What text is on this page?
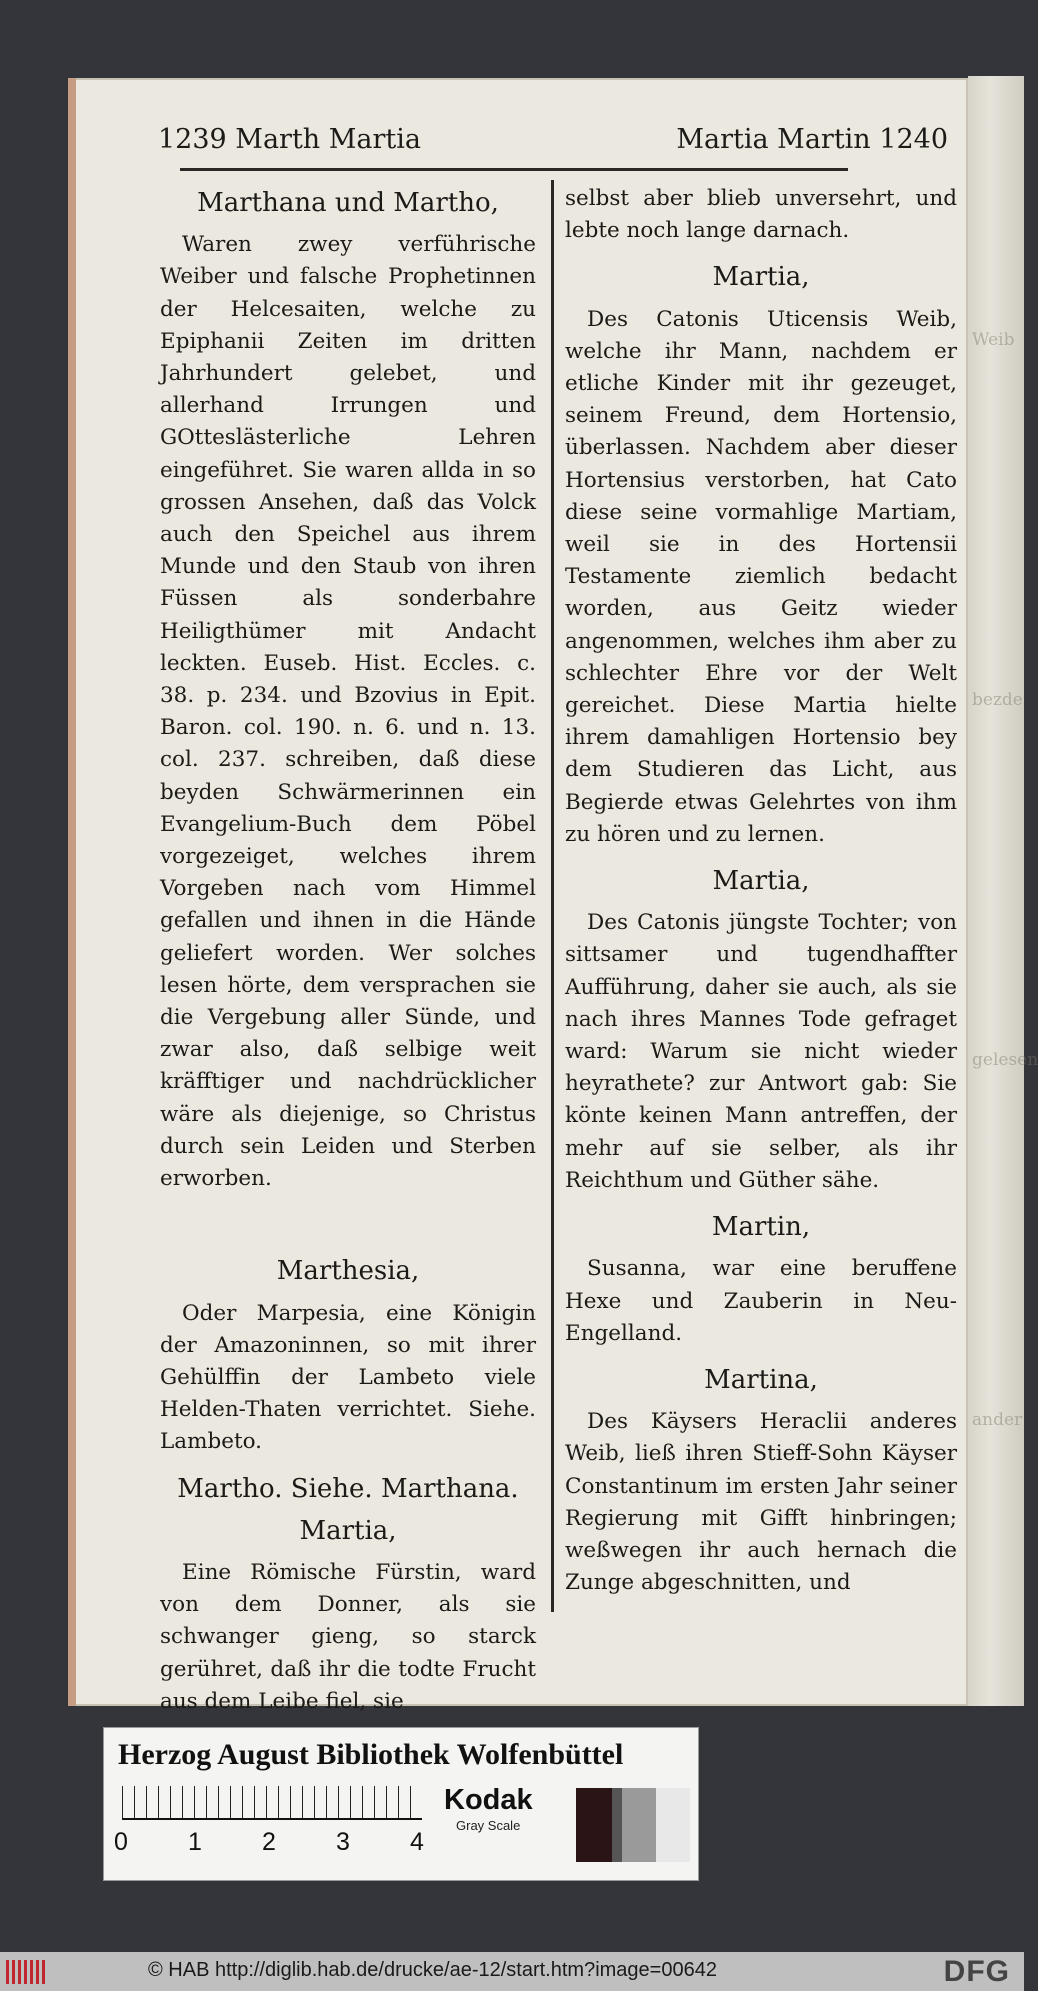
Weib
bezde
gelesen
ander
1239 Marth Martia	Martia Martin 1240
Marthana und Martho,

Waren zwey verführische Weiber und falsche Prophetinnen der Helcesaiten, welche zu Epiphanii Zeiten im dritten Jahrhundert gelebet, und allerhand Irrungen und GOtteslästerliche Lehren eingeführet. Sie waren allda in so grossen Ansehen, daß das Volck auch den Speichel aus ihrem Munde und den Staub von ihren Füssen als sonderbahre Heiligthümer mit Andacht leckten. Euseb. Hist. Eccles. c. 38. p. 234. und Bzovius in Epit. Baron. col. 190. n. 6. und n. 13. col. 237. schreiben, daß diese beyden Schwärmerinnen ein Evangelium-Buch dem Pöbel vorgezeiget, welches ihrem Vorgeben nach vom Himmel gefallen und ihnen in die Hände geliefert worden. Wer solches lesen hörte, dem versprachen sie die Vergebung aller Sünde, und zwar also, daß selbige weit kräfftiger und nachdrücklicher wäre als diejenige, so Christus durch sein Leiden und Sterben erworben.

Marthesia,

Oder Marpesia, eine Königin der Amazoninnen, so mit ihrer Gehülffin der Lambeto viele Helden-Thaten verrichtet. Siehe. Lambeto.

Martho. Siehe. Marthana.
Martia,

Eine Römische Fürstin, ward von dem Donner, als sie schwanger gieng, so starck gerühret, daß ihr die todte Frucht aus dem Leibe fiel, sie

selbst aber blieb unversehrt, und lebte noch lange darnach.

Martia,

Des Catonis Uticensis Weib, welche ihr Mann, nachdem er etliche Kinder mit ihr gezeuget, seinem Freund, dem Hortensio, überlassen. Nachdem aber dieser Hortensius verstorben, hat Cato diese seine vormahlige Martiam, weil sie in des Hortensii Testamente ziemlich bedacht worden, aus Geitz wieder angenommen, welches ihm aber zu schlechter Ehre vor der Welt gereichet. Diese Martia hielte ihrem damahligen Hortensio bey dem Studieren das Licht, aus Begierde etwas Gelehrtes von ihm zu hören und zu lernen.

Martia,

Des Catonis jüngste Tochter; von sittsamer und tugendhaffter Aufführung, daher sie auch, als sie nach ihres Mannes Tode gefraget ward: Warum sie nicht wieder heyrathete? zur Antwort gab: Sie könte keinen Mann antreffen, der mehr auf sie selber, als ihr Reichthum und Güther sähe.

Martin,

Susanna, war eine beruffene Hexe und Zauberin in Neu-Engelland.

Martina,

Des Käysers Heraclii anderes Weib, ließ ihren Stieff-Sohn Käyser Constantinum im ersten Jahr seiner Regierung mit Gifft hinbringen; weßwegen ihr auch hernach die Zunge abgeschnitten, und

Herzog August Bibliothek Wolfenbüttel
0 1 2 3 4
Kodak
Gray Scale
© HAB http://diglib.hab.de/drucke/ae-12/start.htm?image=00642	DFG
